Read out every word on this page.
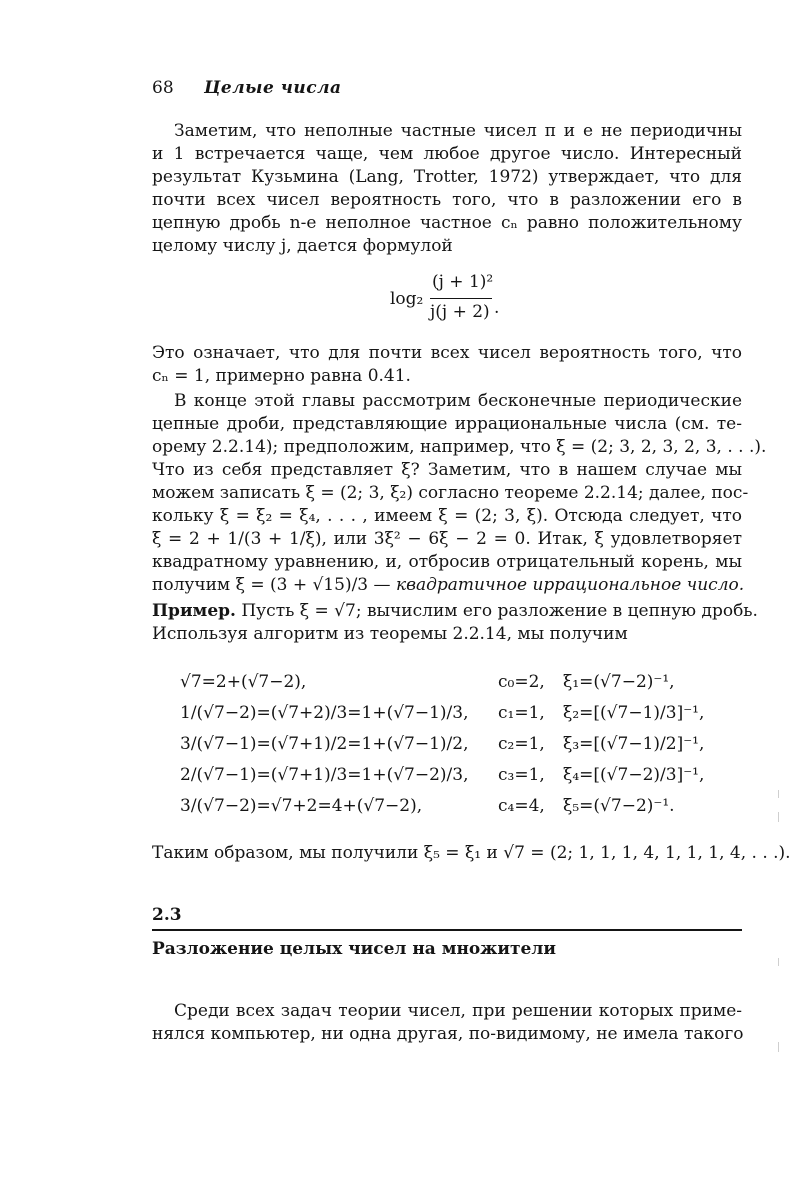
68 Целые числа
Заметим, что неполные частные чисел π и e не периодичны
и 1 встречается чаще, чем любое другое число. Интересный
результат Кузьмина (Lang, Trotter, 1972) утверждает, что для
почти всех чисел вероятность того, что в разложении его в
цепную дробь n-е неполное частное cₙ равно положительному
целому числу j, дается формулой
log₂
(j + 1)²
j(j + 2) .
Это означает, что для почти всех чисел вероятность того, что
cₙ = 1, примерно равна 0.41.
В конце этой главы рассмотрим бесконечные периодические
цепные дроби, представляющие иррациональные числа (см. те-
орему 2.2.14); предположим, например, что ξ = (2; 3, 2, 3, 2, 3, . . .).
Что из себя представляет ξ? Заметим, что в нашем случае мы
можем записать ξ = (2; 3, ξ₂) согласно теореме 2.2.14; далее, пос-
кольку ξ = ξ₂ = ξ₄, . . . , имеем ξ = (2; 3, ξ). Отсюда следует, что
ξ = 2 + 1/(3 + 1/ξ), или 3ξ² − 6ξ − 2 = 0. Итак, ξ удовлетворяет
квадратному уравнению, и, отбросив отрицательный корень, мы
получим ξ = (3 + √15)/3 — квадратичное иррациональное число.
Пример. Пусть ξ = √7; вычислим его разложение в цепную дробь.
Используя алгоритм из теоремы 2.2.14, мы получим
√7=2+(√7−2),	c₀=2, ξ₁=(√7−2)⁻¹,
1/(√7−2)=(√7+2)/3=1+(√7−1)/3, c₁=1, ξ₂=[(√7−1)/3]⁻¹,
3/(√7−1)=(√7+1)/2=1+(√7−1)/2, c₂=1, ξ₃=[(√7−1)/2]⁻¹,
2/(√7−1)=(√7+1)/3=1+(√7−2)/3, c₃=1, ξ₄=[(√7−2)/3]⁻¹,
3/(√7−2)=√7+2=4+(√7−2),	c₄=4, ξ₅=(√7−2)⁻¹.
Таким образом, мы получили ξ₅ = ξ₁ и √7 = (2; 1, 1, 1, 4, 1, 1, 1, 4, . . .).
2.3
Разложение целых чисел на множители
Среди всех задач теории чисел, при решении которых приме-
нялся компьютер, ни одна другая, по-видимому, не имела такого
